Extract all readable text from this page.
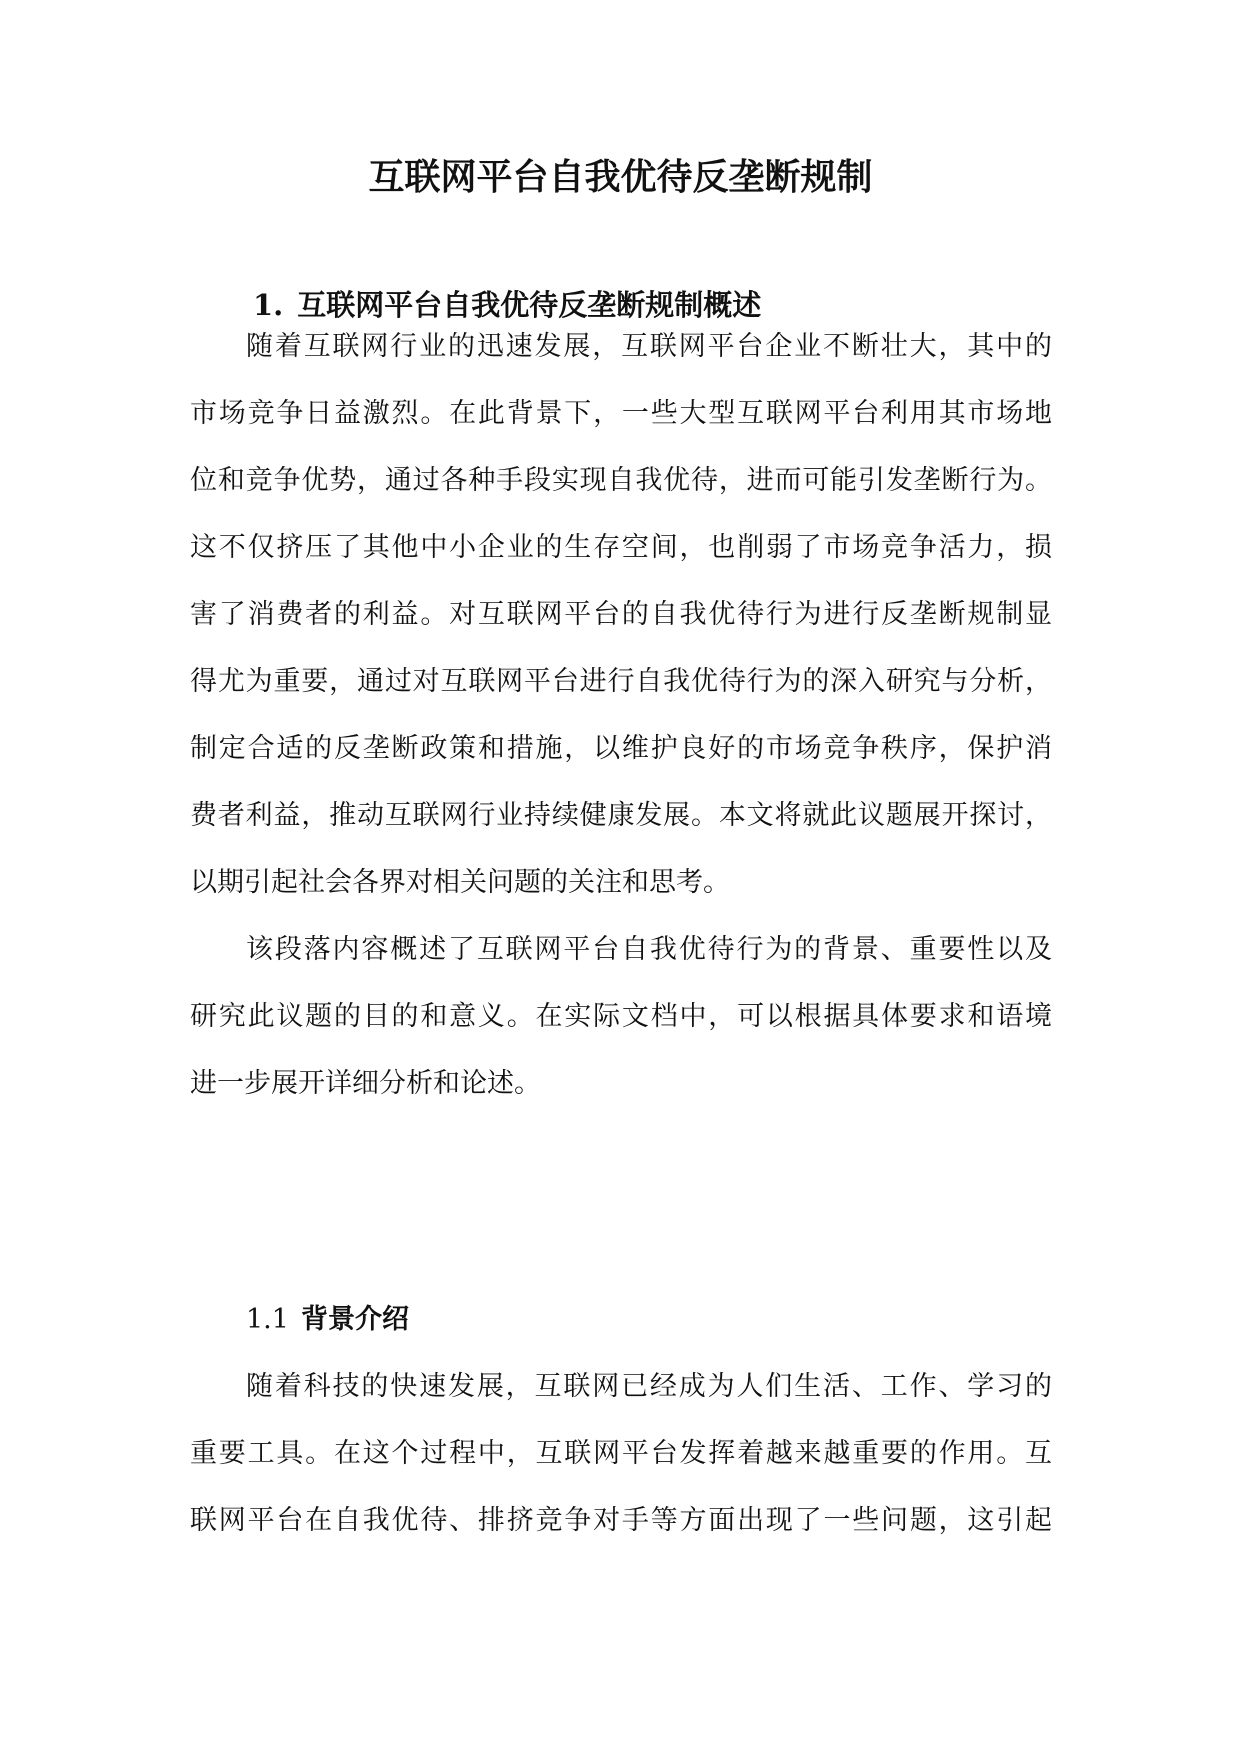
互联网平台自我优待反垄断规制
1. 互联网平台自我优待反垄断规制概述
随着互联网行业的迅速发展，互联网平台企业不断壮大，其中的
市场竞争日益激烈。在此背景下，一些大型互联网平台利用其市场地
位和竞争优势，通过各种手段实现自我优待，进而可能引发垄断行为。
这不仅挤压了其他中小企业的生存空间，也削弱了市场竞争活力，损
害了消费者的利益。对互联网平台的自我优待行为进行反垄断规制显
得尤为重要，通过对互联网平台进行自我优待行为的深入研究与分析，
制定合适的反垄断政策和措施，以维护良好的市场竞争秩序，保护消
费者利益，推动互联网行业持续健康发展。本文将就此议题展开探讨，
以期引起社会各界对相关问题的关注和思考。
该段落内容概述了互联网平台自我优待行为的背景、重要性以及
研究此议题的目的和意义。在实际文档中，可以根据具体要求和语境
进一步展开详细分析和论述。
1.1 背景介绍
随着科技的快速发展，互联网已经成为人们生活、工作、学习的
重要工具。在这个过程中，互联网平台发挥着越来越重要的作用。互
联网平台在自我优待、排挤竞争对手等方面出现了一些问题，这引起
